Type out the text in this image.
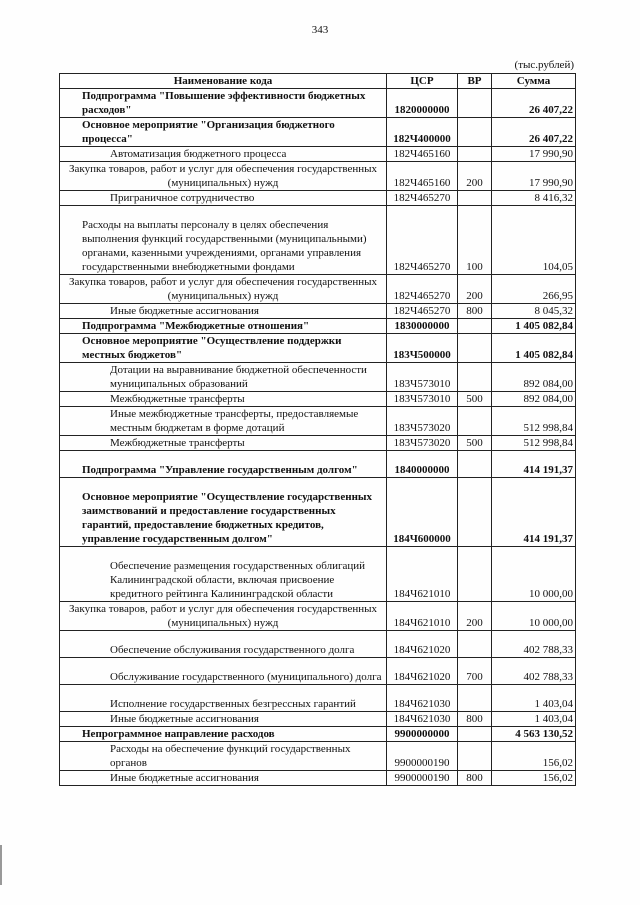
343
(тыс.рублей)
Наименование кода	ЦСР	ВР	Сумма
Подпрограмма "Повышение эффективности бюджетных расходов"	1820000000		26 407,22
Основное мероприятие "Организация бюджетного процесса"	182Ч400000		26 407,22
Автоматизация бюджетного процесса	182Ч465160		17 990,90
Закупка товаров, работ и услуг для обеспечения государственных (муниципальных) нужд	182Ч465160	200	17 990,90
Приграничное сотрудничество	182Ч465270		8 416,32
Расходы на выплаты персоналу в целях обеспечения выполнения функций государственными (муниципальными) органами, казенными учреждениями, органами управления государственными внебюджетными фондами	182Ч465270	100	104,05
Закупка товаров, работ и услуг для обеспечения государственных (муниципальных) нужд	182Ч465270	200	266,95
Иные бюджетные ассигнования	182Ч465270	800	8 045,32
Подпрограмма "Межбюджетные отношения"	1830000000		1 405 082,84
Основное мероприятие "Осуществление поддержки местных бюджетов"	183Ч500000		1 405 082,84
Дотации на выравнивание бюджетной обеспеченности муниципальных образований	183Ч573010		892 084,00
Межбюджетные трансферты	183Ч573010	500	892 084,00
Иные межбюджетные трансферты, предоставляемые местным бюджетам в форме дотаций	183Ч573020		512 998,84
Межбюджетные трансферты	183Ч573020	500	512 998,84
Подпрограмма "Управление государственным долгом"	1840000000		414 191,37
Основное мероприятие "Осуществление государственных заимствований и предоставление государственных гарантий, предоставление бюджетных кредитов, управление государственным долгом"	184Ч600000		414 191,37
Обеспечение размещения государственных облигаций Калининградской области, включая присвоение кредитного рейтинга Калининградской области	184Ч621010		10 000,00
Закупка товаров, работ и услуг для обеспечения государственных (муниципальных) нужд	184Ч621010	200	10 000,00
Обеспечение обслуживания государственного долга	184Ч621020		402 788,33
Обслуживание государственного (муниципального) долга	184Ч621020	700	402 788,33
Исполнение государственных безгрессных гарантий	184Ч621030		1 403,04
Иные бюджетные ассигнования	184Ч621030	800	1 403,04
Непрограммное направление расходов	9900000000		4 563 130,52
Расходы на обеспечение функций государственных органов	9900000190		156,02
Иные бюджетные ассигнования	9900000190	800	156,02
